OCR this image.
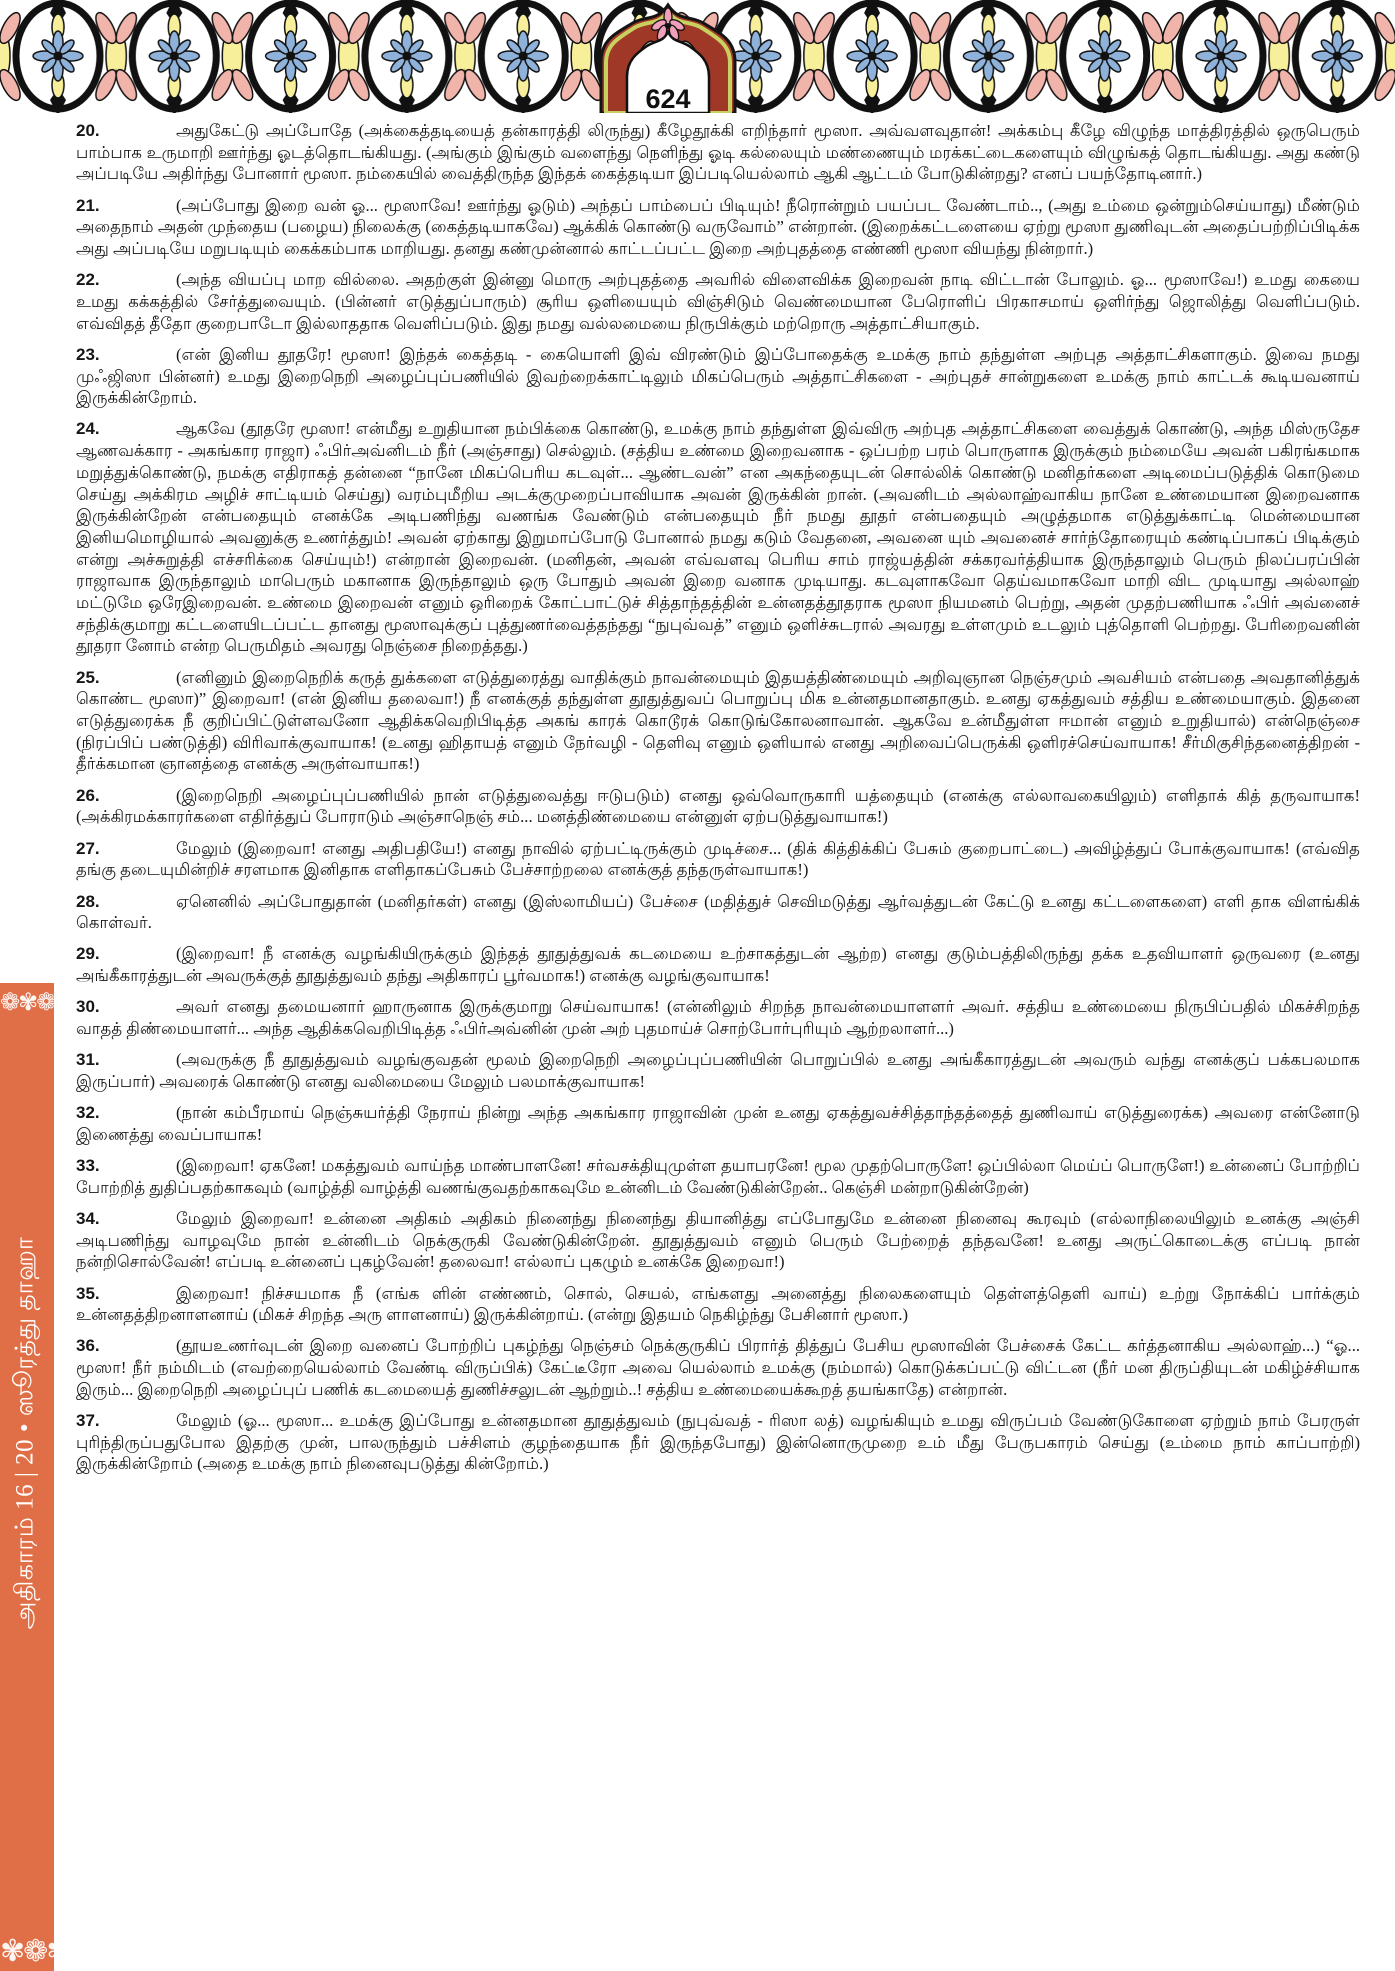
624
❁✾❁
அதிகாரம் 16 | 20 • ஸூரத்து தாஹா
✾❁✾

20.	அதுகேட்டு அப்போதே (அக்கைத்தடியைத் தன்காரத்தி லிருந்து) கீழேதூக்கி எறிந்தார் மூஸா. அவ்வளவுதான்! அக்கம்பு கீழே விழுந்த மாத்திரத்தில் ஒருபெரும் பாம்பாக உருமாறி ஊர்ந்து ஓடத்தொடங்கியது. (அங்கும் இங்கும் வளைந்து நெளிந்து ஓடி கல்லையும் மண்ணையும் மரக்கட்டைகளையும் விழுங்கத் தொடங்கியது. அது கண்டு அப்படியே அதிர்ந்து போனார் மூஸா. நம்கையில் வைத்திருந்த இந்தக் கைத்தடியா இப்படியெல்லாம் ஆகி ஆட்டம் போடுகின்றது? எனப் பயந்தோடினார்.)

21.	(அப்போது இறை வன் ஓ... மூஸாவே! ஊர்ந்து ஓடும்) அந்தப் பாம்பைப் பிடியும்! நீரொன்றும் பயப்பட வேண்டாம்.., (அது உம்மை ஒன்றும்செய்யாது) மீண்டும் அதைநாம் அதன் முந்தைய (பழைய) நிலைக்கு (கைத்தடியாகவே) ஆக்கிக் கொண்டு வருவோம்” என்றான். (இறைக்கட்டளையை ஏற்று மூஸா துணிவுடன் அதைப்பற்றிப்பிடிக்க அது அப்படியே மறுபடியும் கைக்கம்பாக மாறியது. தனது கண்முன்னால் காட்டப்பட்ட இறை அற்புதத்தை எண்ணி மூஸா வியந்து நின்றார்.)

22.	(அந்த வியப்பு மாற வில்லை. அதற்குள் இன்னு மொரு அற்புதத்தை அவரில் விளைவிக்க இறைவன் நாடி விட்டான் போலும். ஓ... மூஸாவே!) உமது கையை உமது கக்கத்தில் சேர்த்துவையும். (பின்னர் எடுத்துப்பாரும்) சூரிய ஒளியையும் விஞ்சிடும் வெண்மையான பேரொளிப் பிரகாசமாய் ஒளிர்ந்து ஜொலித்து வெளிப்படும். எவ்விதத் தீதோ குறைபாடோ இல்லாததாக வெளிப்படும். இது நமது வல்லமையை நிருபிக்கும் மற்றொரு அத்தாட்சியாகும்.

23.	(என் இனிய தூதரே! மூஸா! இந்தக் கைத்தடி - கையொளி இவ் விரண்டும் இப்போதைக்கு உமக்கு நாம் தந்துள்ள அற்புத அத்தாட்சிகளாகும். இவை நமது முஃஜிஸா பின்னர்) உமது இறைநெறி அழைப்புப்பணியில் இவற்றைக்காட்டிலும் மிகப்பெரும் அத்தாட்சிகளை - அற்புதச் சான்றுகளை உமக்கு நாம் காட்டக் கூடியவனாய் இருக்கின்றோம்.

24.	ஆகவே (தூதரே மூஸா! என்மீது உறுதியான நம்பிக்கை கொண்டு, உமக்கு நாம் தந்துள்ள இவ்விரு அற்புத அத்தாட்சிகளை வைத்துக் கொண்டு, அந்த மிஸ்ருதேச ஆணவக்கார - அகங்கார ராஜா) ஃபிர்அவ்னிடம் நீர் (அஞ்சாது) செல்லும். (சத்திய உண்மை இறைவனாக - ஒப்பற்ற பரம் பொருளாக இருக்கும் நம்மையே அவன் பகிரங்கமாக மறுத்துக்கொண்டு, நமக்கு எதிராகத் தன்னை “நானே மிகப்பெரிய கடவுள்... ஆண்டவன்” என அகந்தையுடன் சொல்லிக் கொண்டு மனிதர்களை அடிமைப்படுத்திக் கொடுமை செய்து அக்கிரம அழிச் சாட்டியம் செய்து) வரம்புமீறிய அடக்குமுறைப்பாவியாக அவன் இருக்கின் றான். (அவனிடம் அல்லாஹ்வாகிய நானே உண்மையான இறைவனாக இருக்கின்றேன் என்பதையும் எனக்கே அடிபணிந்து வணங்க வேண்டும் என்பதையும் நீர் நமது தூதர் என்பதையும் அழுத்தமாக எடுத்துக்காட்டி மென்மையான இனியமொழியால் அவனுக்கு உணர்த்தும்! அவன் ஏற்காது இறுமாப்போடு போனால் நமது கடும் வேதனை, அவனை யும் அவனைச் சார்ந்தோரையும் கண்டிப்பாகப் பிடிக்கும் என்று அச்சுறுத்தி எச்சரிக்கை செய்யும்!) என்றான் இறைவன். (மனிதன், அவன் எவ்வளவு பெரிய சாம் ராஜ்யத்தின் சக்கரவர்த்தியாக இருந்தாலும் பெரும் நிலப்பரப்பின் ராஜாவாக இருந்தாலும் மாபெரும் மகானாக இருந்தாலும் ஒரு போதும் அவன் இறை வனாக முடியாது. கடவுளாகவோ தெய்வமாகவோ மாறி விட முடியாது அல்லாஹ் மட்டுமே ஒரேஇறைவன். உண்மை இறைவன் எனும் ஒரிறைக் கோட்பாட்டுச் சித்தாந்தத்தின் உன்னதத்தூதராக மூஸா நியமனம் பெற்று, அதன் முதற்பணியாக ஃபிர் அவ்னைச் சந்திக்குமாறு கட்டளையிடப்பட்ட தானது மூஸாவுக்குப் புத்துணர்வைத்தந்தது “நுபுவ்வத்” எனும் ஒளிச்சுடரால் அவரது உள்ளமும் உடலும் புத்தொளி பெற்றது. பேரிறைவனின் தூதரா னோம் என்ற பெருமிதம் அவரது நெஞ்சை நிறைத்தது.)

25.	(எனினும் இறைநெறிக் கருத் துக்களை எடுத்துரைத்து வாதிக்கும் நாவன்மையும் இதயத்திண்மையும் அறிவுஞான நெஞ்சமும் அவசியம் என்பதை அவதானித்துக் கொண்ட மூஸா)” இறைவா! (என் இனிய தலைவா!) நீ எனக்குத் தந்துள்ள தூதுத்துவப் பொறுப்பு மிக உன்னதமானதாகும். உனது ஏகத்துவம் சத்திய உண்மையாகும். இதனை எடுத்துரைக்க நீ குறிப்பிட்டுள்ளவனோ ஆதிக்கவெறிபிடித்த அகங் காரக் கொடூரக் கொடுங்கோலனாவான். ஆகவே உன்மீதுள்ள ஈமான் எனும் உறுதியால்) என்நெஞ்சை (நிரப்பிப் பண்டுத்தி) விரிவாக்குவாயாக! (உனது ஹிதாயத் எனும் நேர்வழி - தெளிவு எனும் ஒளியால் எனது அறிவைப்பெருக்கி ஒளிரச்செய்வாயாக! சீர்மிகுசிந்தனைத்திறன் - தீர்க்கமான ஞானத்தை எனக்கு அருள்வாயாக!)

26.	(இறைநெறி அழைப்புப்பணியில் நான் எடுத்துவைத்து ஈடுபடும்) எனது ஒவ்வொருகாரி யத்தையும் (எனக்கு எல்லாவகையிலும்) எளிதாக் கித் தருவாயாக! (அக்கிரமக்காரர்களை எதிர்த்துப் போராடும் அஞ்சாநெஞ் சம்... மனத்திண்மையை என்னுள் ஏற்படுத்துவாயாக!)

27.	மேலும் (இறைவா! எனது அதிபதியே!) எனது நாவில் ஏற்பட்டிருக்கும் முடிச்சை... (திக் கித்திக்கிப் பேசும் குறைபாட்டை) அவிழ்த்துப் போக்குவாயாக! (எவ்வித தங்கு தடையுமின்றிச் சரளமாக இனிதாக எளிதாகப்பேசும் பேச்சாற்றலை எனக்குத் தந்தருள்வாயாக!)

28.	ஏனெனில் அப்போதுதான் (மனிதர்கள்) எனது (இஸ்லாமியப்) பேச்சை (மதித்துச் செவிமடுத்து ஆர்வத்துடன் கேட்டு உனது கட்டளைகளை) எளி தாக விளங்கிக் கொள்வர்.

29.	(இறைவா! நீ எனக்கு வழங்கியிருக்கும் இந்தத் தூதுத்துவக் கடமையை உற்சாகத்துடன் ஆற்ற) எனது குடும்பத்திலிருந்து தக்க உதவியாளர் ஒருவரை (உனது அங்கீகாரத்துடன் அவருக்குத் தூதுத்துவம் தந்து அதிகாரப் பூர்வமாக!) எனக்கு வழங்குவாயாக!

30.	அவர் எனது தமையனார் ஹாருனாக இருக்குமாறு செய்வாயாக! (என்னிலும் சிறந்த நாவன்மையாளளர் அவர். சத்திய உண்மையை நிருபிப்பதில் மிகச்சிறந்த வாதத் திண்மையாளர்... அந்த ஆதிக்கவெறிபிடித்த ஃபிர்அவ்னின் முன் அற் புதமாய்ச் சொற்போர்புரியும் ஆற்றலாளர்...)

31.	(அவருக்கு நீ தூதுத்துவம் வழங்குவதன் மூலம் இறைநெறி அழைப்புப்பணியின் பொறுப்பில் உனது அங்கீகாரத்துடன் அவரும் வந்து எனக்குப் பக்கபலமாக இருப்பார்) அவரைக் கொண்டு எனது வலிமையை மேலும் பலமாக்குவாயாக!

32.	(நான் கம்பீரமாய் நெஞ்சுயர்த்தி நேராய் நின்று அந்த அகங்கார ராஜாவின் முன் உனது ஏகத்துவச்சித்தாந்தத்தைத் துணிவாய் எடுத்துரைக்க) அவரை என்னோடு இணைத்து வைப்பாயாக!

33.	(இறைவா! ஏகனே! மகத்துவம் வாய்ந்த மாண்பாளனே! சர்வசக்தியுமுள்ள தயாபரனே! மூல முதற்பொருளே! ஒப்பில்லா மெய்ப் பொருளே!) உன்னைப் போற்றிப் போற்றித் துதிப்பதற்காகவும் (வாழ்த்தி வாழ்த்தி வணங்குவதற்காகவுமே உன்னிடம் வேண்டுகின்றேன்.. கெஞ்சி மன்றாடுகின்றேன்)

34.	மேலும் இறைவா! உன்னை அதிகம் அதிகம் நினைந்து நினைந்து தியானித்து எப்போதுமே உன்னை நினைவு கூரவும் (எல்லாநிலையிலும் உனக்கு அஞ்சி அடிபணிந்து வாழவுமே நான் உன்னிடம் நெக்குருகி வேண்டுகின்றேன். தூதுத்துவம் எனும் பெரும் பேற்றைத் தந்தவனே! உனது அருட்கொடைக்கு எப்படி நான் நன்றிசொல்வேன்! எப்படி உன்னைப் புகழ்வேன்! தலைவா! எல்லாப் புகழும் உனக்கே இறைவா!)

35.	இறைவா! நிச்சயமாக நீ (எங்க ளின் எண்ணம், சொல், செயல், எங்களது அனைத்து நிலைகளையும் தெள்ளத்தெளி வாய்) உற்று நோக்கிப் பார்க்கும் உன்னதத்திறனாளனாய் (மிகச் சிறந்த அரு ளாளனாய்) இருக்கின்றாய். (என்று இதயம் நெகிழ்ந்து பேசினார் மூஸா.)

36.	(தூயஉணர்வுடன் இறை வனைப் போற்றிப் புகழ்ந்து நெஞ்சம் நெக்குருகிப் பிரார்த் தித்துப் பேசிய மூஸாவின் பேச்சைக் கேட்ட கர்த்தனாகிய அல்லாஹ்...) “ஓ... மூஸா! நீர் நம்மிடம் (எவற்றையெல்லாம் வேண்டி விருப்பிக்) கேட்டீரோ அவை யெல்லாம் உமக்கு (நம்மால்) கொடுக்கப்பட்டு விட்டன (நீர் மன திருப்தியுடன் மகிழ்ச்சியாக இரும்... இறைநெறி அழைப்புப் பணிக் கடமையைத் துணிச்சலுடன் ஆற்றும்..! சத்திய உண்மையைக்கூறத் தயங்காதே) என்றான்.

37.	மேலும் (ஓ... மூஸா... உமக்கு இப்போது உன்னதமான தூதுத்துவம் (நுபுவ்வத் - ரிஸா லத்) வழங்கியும் உமது விருப்பம் வேண்டுகோளை ஏற்றும் நாம் பேரருள் புரிந்திருப்பதுபோல இதற்கு முன், பாலருந்தும் பச்சிளம் குழந்தையாக நீர் இருந்தபோது) இன்னொருமுறை உம் மீது பேருபகாரம் செய்து (உம்மை நாம் காப்பாற்றி) இருக்கின்றோம் (அதை உமக்கு நாம் நினைவுபடுத்து கின்றோம்.)
